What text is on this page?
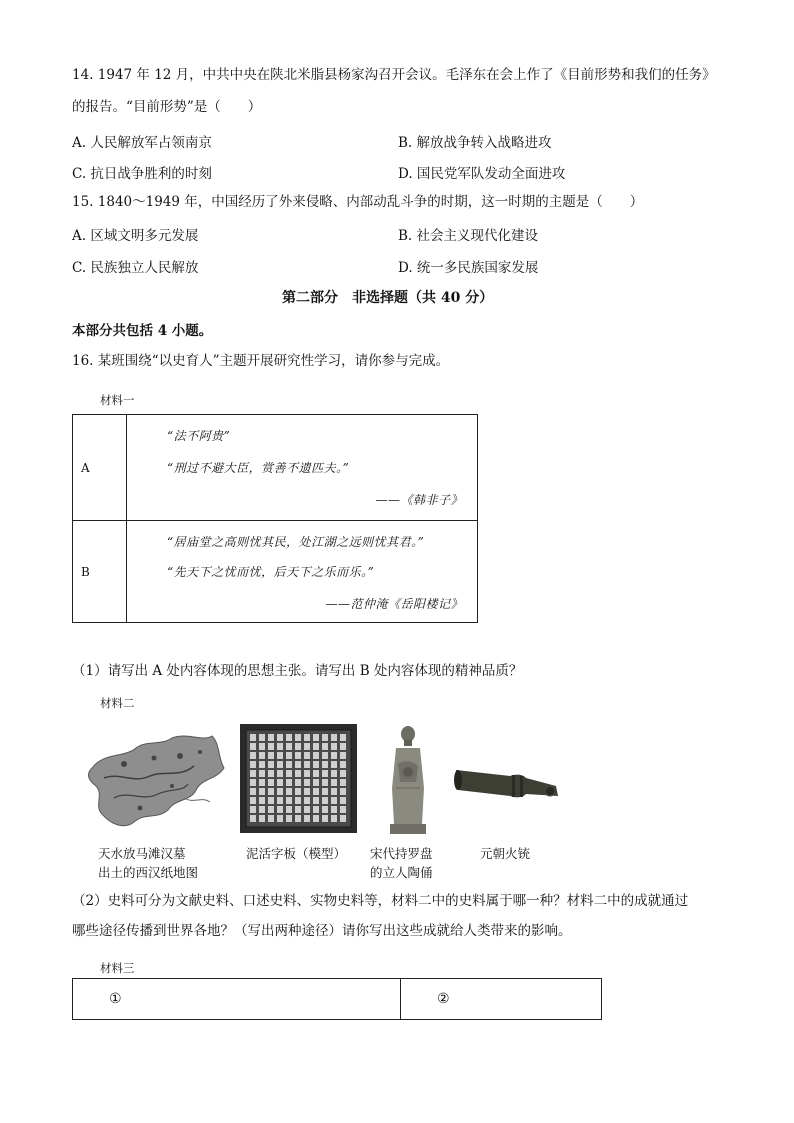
14. 1947 年 12 月，中共中央在陕北米脂县杨家沟召开会议。毛泽东在会上作了《目前形势和我们的任务》
的报告。“目前形势”是（　　）
A. 人民解放军占领南京	B. 解放战争转入战略进攻
C. 抗日战争胜利的时刻	D. 国民党军队发动全面进攻
15. 1840～1949 年，中国经历了外来侵略、内部动乱斗争的时期，这一时期的主题是（　　）
A. 区域文明多元发展	B. 社会主义现代化建设
C. 民族独立人民解放	D. 统一多民族国家发展
第二部分　非选择题（共 40 分）
本部分共包括 4 小题。
16. 某班围绕“以史育人”主题开展研究性学习，请你参与完成。
材料一
A	“法不阿贵”
“刑过不避大臣，赏善不遗匹夫。”
——《韩非子》

B	“居庙堂之高则忧其民，处江湖之远则忧其君。”
“先天下之忧而忧，后天下之乐而乐。”
——范仲淹《岳阳楼记》
（1）请写出 A 处内容体现的思想主张。请写出 B 处内容体现的精神品质？
材料二
天水放马滩汉墓
出土的西汉纸地图
泥活字板（模型） 宋代持罗盘
的立人陶俑
元朝火铳
（2）史料可分为文献史料、口述史料、实物史料等，材料二中的史料属于哪一种？材料二中的成就通过
哪些途径传播到世界各地？（写出两种途径）请你写出这些成就给人类带来的影响。
材料三
①	②
